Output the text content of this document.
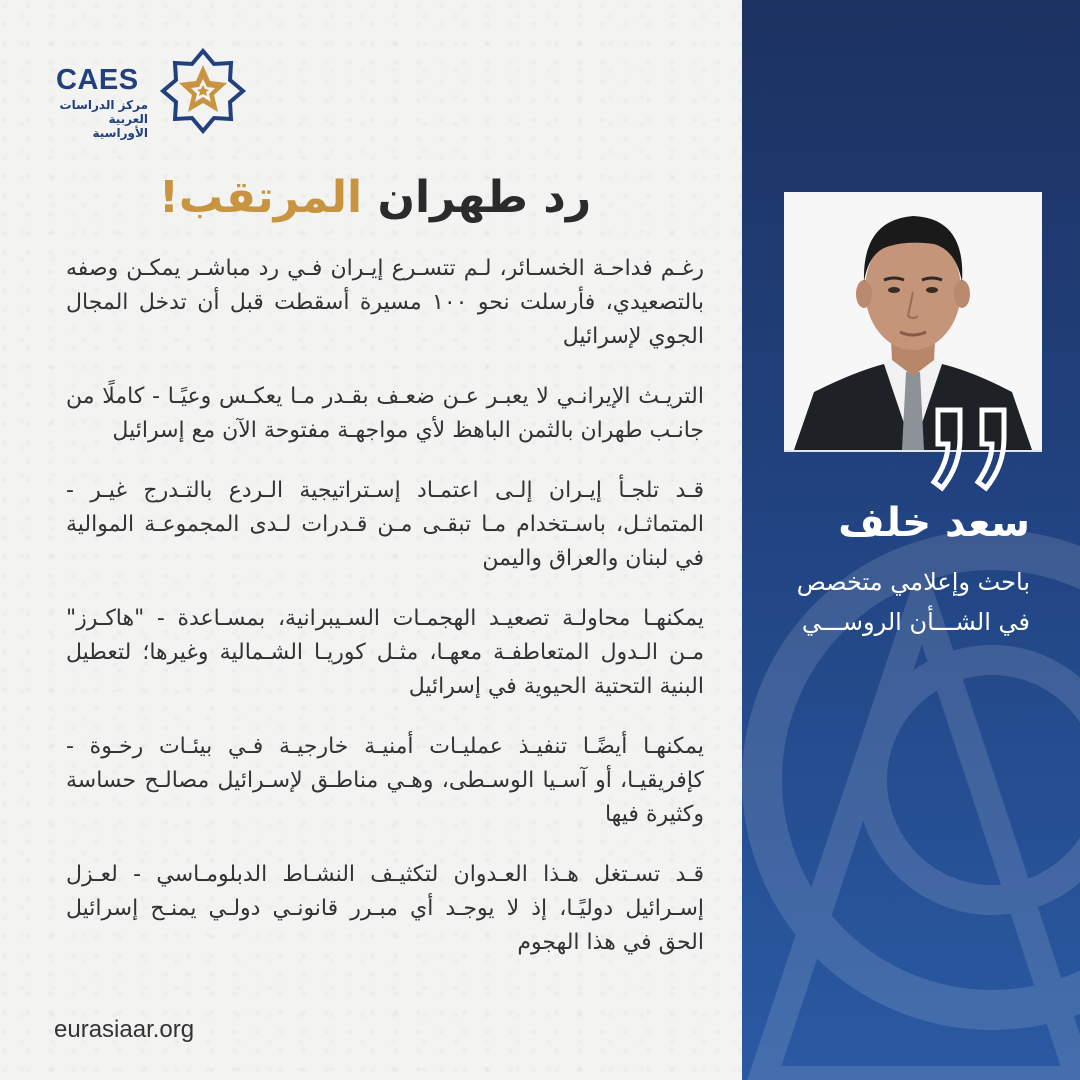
CAES
مركز الدراسات
العربية الأوراسية
رد طهران المرتقب!

رغـم فداحـة الخسـائر، لـم تتسـرع إيـران فـي رد مباشـر يمكـن وصفه بالتصعيدي، فأرسلت نحو ١٠٠ مسيرة أسقطت قبل أن تدخل المجال الجوي لإسرائيل

التريـث الإيرانـي لا يعبـر عـن ضعـف بقـدر مـا يعكـس وعيًـا - كاملًا من جانـب طهران بالثمن الباهظ لأي مواجهـة مفتوحة الآن مع إسرائيل

قـد تلجـأ إيـران إلـى اعتمـاد إسـتراتيجية الـردع بالتـدرج غيـر - المتماثـل، باسـتخدام مـا تبقـى مـن قـدرات لـدى المجموعـة الموالية في لبنان والعراق واليمن

يمكنهـا محاولـة تصعيـد الهجمـات السـيبرانية، بمسـاعدة - "هاكـرز" مـن الـدول المتعاطفـة معهـا، مثـل كوريـا الشـمالية وغيرها؛ لتعطيل البنية التحتية الحيوية في إسرائيل

يمكنهـا أيضًـا تنفيـذ عمليـات أمنيـة خارجيـة فـي بيئـات رخـوة - كإفريقيـا، أو آسـيا الوسـطى، وهـي مناطـق لإسـرائيل مصالـح حساسة وكثيرة فيها

قـد تسـتغل هـذا العـدوان لتكثيـف النشـاط الدبلومـاسي - لعـزل إسـرائيل دوليًـا، إذ لا يوجـد أي مبـرر قانونـي دولـي يمنـح إسرائيل الحق في هذا الهجوم

eurasiaar.org
سعد خلف
باحث وإعلامي متخصص
في الشـــأن الروســـي
